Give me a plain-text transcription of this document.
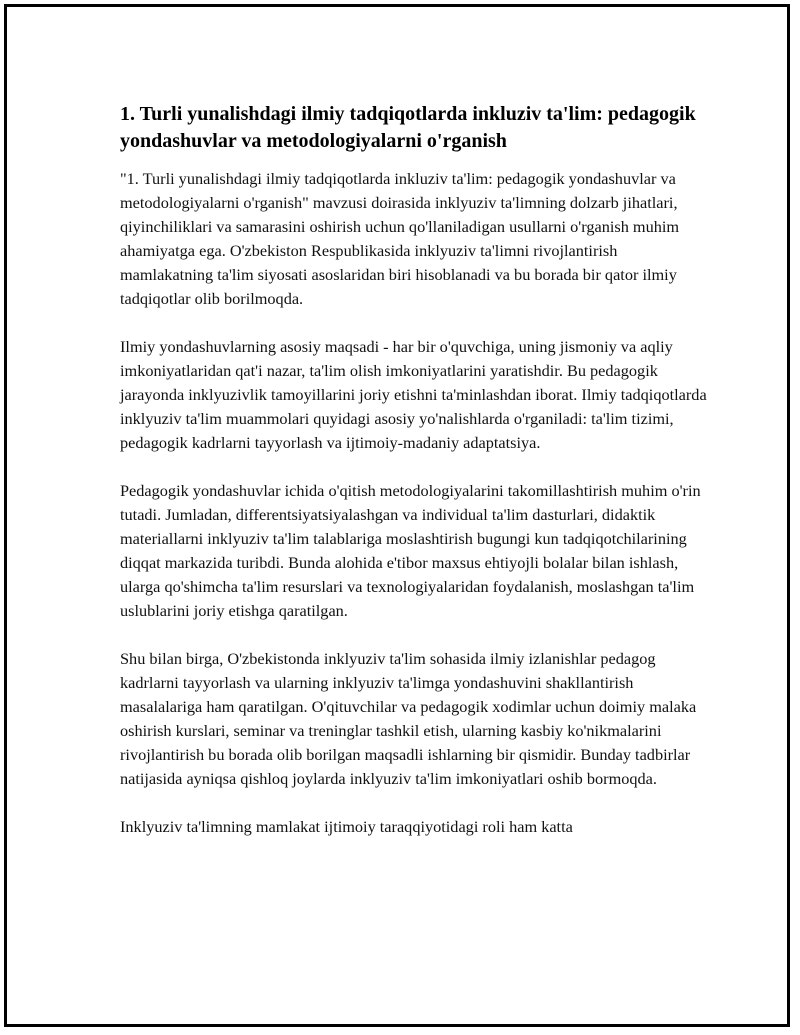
1. Turli yunalishdagi ilmiy tadqiqotlarda inkluziv ta'lim: pedagogik yondashuvlar va metodologiyalarni o'rganish

"1. Turli yunalishdagi ilmiy tadqiqotlarda inkluziv ta'lim: pedagogik yondashuvlar va metodologiyalarni o'rganish" mavzusi doirasida inklyuziv ta'limning dolzarb jihatlari, qiyinchiliklari va samarasini oshirish uchun qo'llaniladigan usullarni o'rganish muhim ahamiyatga ega. O'zbekiston Respublikasida inklyuziv ta'limni rivojlantirish mamlakatning ta'lim siyosati asoslaridan biri hisoblanadi va bu borada bir qator ilmiy tadqiqotlar olib borilmoqda.

Ilmiy yondashuvlarning asosiy maqsadi - har bir o'quvchiga, uning jismoniy va aqliy imkoniyatlaridan qat'i nazar, ta'lim olish imkoniyatlarini yaratishdir. Bu pedagogik jarayonda inklyuzivlik tamoyillarini joriy etishni ta'minlashdan iborat. Ilmiy tadqiqotlarda inklyuziv ta'lim muammolari quyidagi asosiy yo'nalishlarda o'rganiladi: ta'lim tizimi, pedagogik kadrlarni tayyorlash va ijtimoiy-madaniy adaptatsiya.

Pedagogik yondashuvlar ichida o'qitish metodologiyalarini takomillashtirish muhim o'rin tutadi. Jumladan, differentsiyatsiyalashgan va individual ta'lim dasturlari, didaktik materiallarni inklyuziv ta'lim talablariga moslashtirish bugungi kun tadqiqotchilarining diqqat markazida turibdi. Bunda alohida e'tibor maxsus ehtiyojli bolalar bilan ishlash, ularga qo'shimcha ta'lim resurslari va texnologiyalaridan foydalanish, moslashgan ta'lim uslublarini joriy etishga qaratilgan.

Shu bilan birga, O'zbekistonda inklyuziv ta'lim sohasida ilmiy izlanishlar pedagog kadrlarni tayyorlash va ularning inklyuziv ta'limga yondashuvini shakllantirish masalalariga ham qaratilgan. O'qituvchilar va pedagogik xodimlar uchun doimiy malaka oshirish kurslari, seminar va treninglar tashkil etish, ularning kasbiy ko'nikmalarini rivojlantirish bu borada olib borilgan maqsadli ishlarning bir qismidir. Bunday tadbirlar natijasida ayniqsa qishloq joylarda inklyuziv ta'lim imkoniyatlari oshib bormoqda.

Inklyuziv ta'limning mamlakat ijtimoiy taraqqiyotidagi roli ham katta
